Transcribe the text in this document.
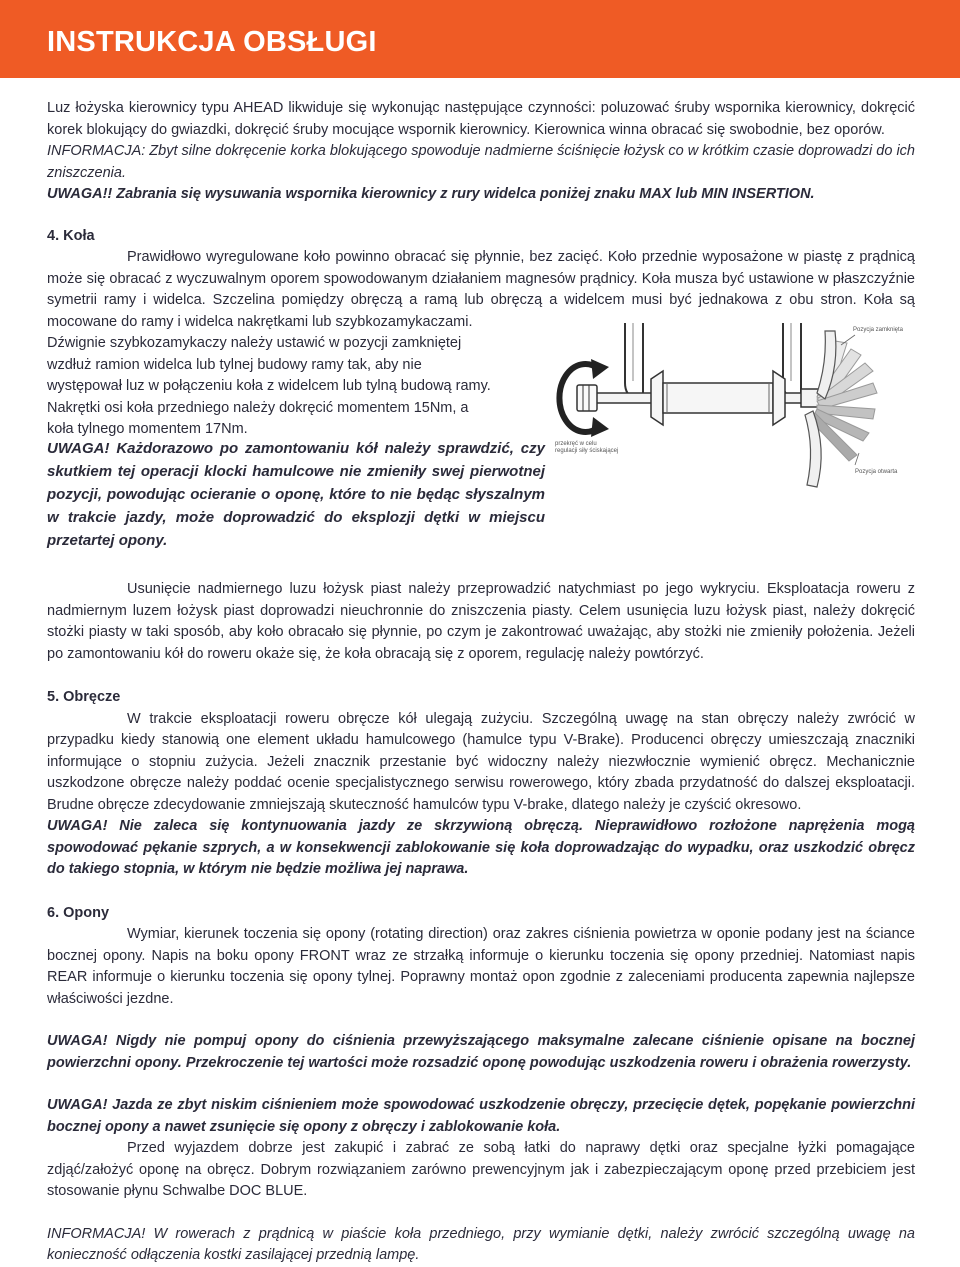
INSTRUKCJA OBSŁUGI

Luz łożyska kierownicy typu AHEAD likwiduje się wykonując następujące czynności: poluzować śruby wspornika kierownicy, dokręcić korek blokujący do gwiazdki, dokręcić śruby mocujące wspornik kierownicy. Kierownica winna obracać się swobodnie, bez oporów.

INFORMACJA: Zbyt silne dokręcenie korka blokującego spowoduje nadmierne ściśnięcie łożysk co w krótkim czasie doprowadzi do ich zniszczenia.

UWAGA!! Zabrania się wysuwania wspornika kierownicy z rury widelca poniżej znaku MAX lub MIN INSERTION.

4. Koła

Prawidłowo wyregulowane koło powinno obracać się płynnie, bez zacięć. Koło przednie wyposażone w piastę z prądnicą może się obracać z wyczuwalnym oporem spowodowanym działaniem magnesów prądnicy. Koła musza być ustawione w płaszczyźnie symetrii ramy i widelca. Szczelina pomiędzy obręczą a ramą lub obręczą a widelcem musi być jednakowa z obu stron. Koła są mocowane do ramy i widelca nakrętkami lub szybkozamykaczami.

Dźwignie szybkozamykaczy należy ustawić w pozycji zamkniętej wzdłuż ramion widelca lub tylnej budowy ramy tak, aby nie występował luz w połączeniu koła z widelcem lub tylną budową ramy. Nakrętki osi koła przedniego należy dokręcić momentem 15Nm, a koła tylnego momentem 17Nm.

UWAGA! Każdorazowo po zamontowaniu kół należy sprawdzić, czy skutkiem tej operacji klocki hamulcowe nie zmieniły swej pierwotnej pozycji, powodując ocieranie o oponę, które to nie będąc słyszalnym w trakcie jazdy, może doprowadzić do eksplozji dętki w miejscu przetartej opony.

Pozycja zamknięta
Pozycja otwarta
przekręć w celu
regulacji siły ściskającej

Usunięcie nadmiernego luzu łożysk piast należy przeprowadzić natychmiast po jego wykryciu. Eksploatacja roweru z nadmiernym luzem łożysk piast doprowadzi nieuchronnie do zniszczenia piasty. Celem usunięcia luzu łożysk piast, należy dokręcić stożki piasty w taki sposób, aby koło obracało się płynnie, po czym je zakontrować uważając, aby stożki nie zmieniły położenia. Jeżeli po zamontowaniu kół do roweru okaże się, że koła obracają się z oporem, regulację należy powtórzyć.

5. Obręcze

W trakcie eksploatacji roweru obręcze kół ulegają zużyciu. Szczególną uwagę na stan obręczy należy zwrócić w przypadku kiedy stanowią one element układu hamulcowego (hamulce typu V-Brake). Producenci obręczy umieszczają znaczniki informujące o stopniu zużycia. Jeżeli znacznik przestanie być widoczny należy niezwłocznie wymienić obręcz. Mechanicznie uszkodzone obręcze należy poddać ocenie specjalistycznego serwisu rowerowego, który zbada przydatność do dalszej eksploatacji. Brudne obręcze zdecydowanie zmniejszają skuteczność hamulców typu V-brake, dlatego należy je czyścić okresowo.

UWAGA! Nie zaleca się kontynuowania jazdy ze skrzywioną obręczą. Nieprawidłowo rozłożone naprężenia mogą spowodować pękanie szprych, a w konsekwencji zablokowanie się koła doprowadzając do wypadku, oraz uszkodzić obręcz do takiego stopnia, w którym nie będzie możliwa jej naprawa.

6. Opony

Wymiar, kierunek toczenia się opony (rotating direction) oraz zakres ciśnienia powietrza w oponie podany jest na ściance bocznej opony. Napis na boku opony FRONT wraz ze strzałką informuje o kierunku toczenia się opony przedniej. Natomiast napis REAR informuje o kierunku toczenia się opony tylnej. Poprawny montaż opon zgodnie z zaleceniami producenta zapewnia najlepsze właściwości jezdne.

UWAGA! Nigdy nie pompuj opony do ciśnienia przewyższającego maksymalne zalecane ciśnienie opisane na bocznej powierzchni opony. Przekroczenie tej wartości może rozsadzić oponę powodując uszkodzenia roweru i obrażenia rowerzysty.

UWAGA! Jazda ze zbyt niskim ciśnieniem może spowodować uszkodzenie obręczy, przecięcie dętek, popękanie powierzchni bocznej opony a nawet zsunięcie się opony z obręczy i zablokowanie koła.

Przed wyjazdem dobrze jest zakupić i zabrać ze sobą łatki do naprawy dętki oraz specjalne łyżki pomagające zdjąć/założyć oponę na obręcz. Dobrym rozwiązaniem zarówno prewencyjnym jak i zabezpieczającym oponę przed przebiciem jest stosowanie płynu Schwalbe DOC BLUE.

INFORMACJA! W rowerach z prądnicą w piaście koła przedniego, przy wymianie dętki, należy zwrócić szczególną uwagę na konieczność odłączenia kostki zasilającej przednią lampę.
